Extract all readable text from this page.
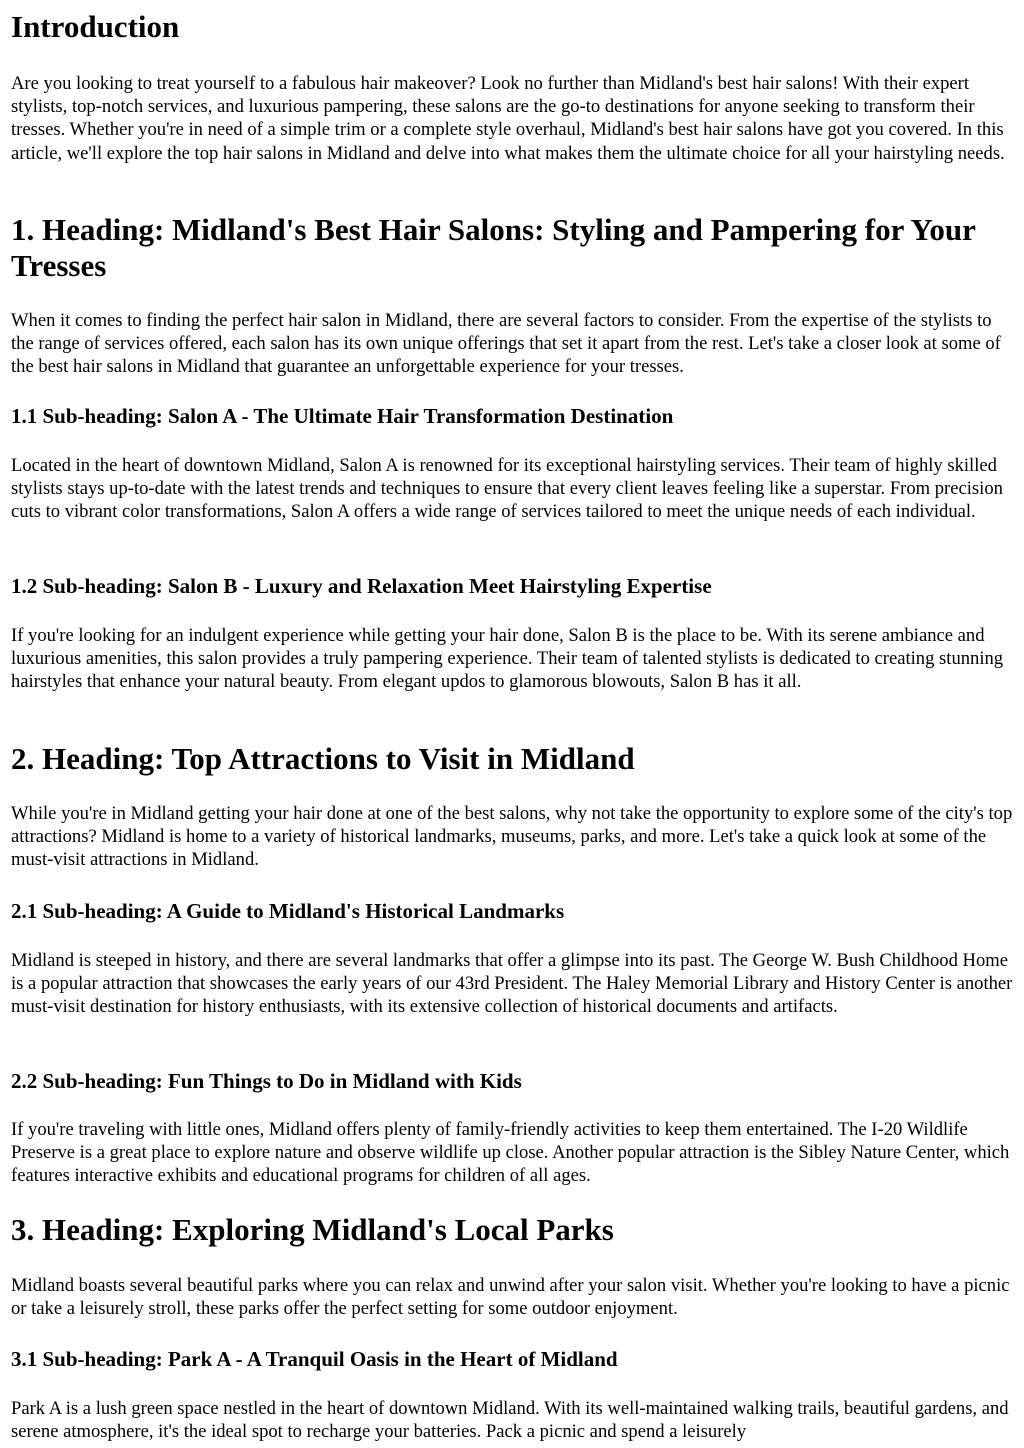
Introduction

Are you looking to treat yourself to a fabulous hair makeover? Look no further than Midland's best hair salons! With their expert stylists, top-notch services, and luxurious pampering, these salons are the go-to destinations for anyone seeking to transform their tresses. Whether you're in need of a simple trim or a complete style overhaul, Midland's best hair salons have got you covered. In this article, we'll explore the top hair salons in Midland and delve into what makes them the ultimate choice for all your hairstyling needs.

1. Heading: Midland's Best Hair Salons: Styling and Pampering for Your Tresses

When it comes to finding the perfect hair salon in Midland, there are several factors to consider. From the expertise of the stylists to the range of services offered, each salon has its own unique offerings that set it apart from the rest. Let's take a closer look at some of the best hair salons in Midland that guarantee an unforgettable experience for your tresses.

1.1 Sub-heading: Salon A - The Ultimate Hair Transformation Destination

Located in the heart of downtown Midland, Salon A is renowned for its exceptional hairstyling services. Their team of highly skilled stylists stays up-to-date with the latest trends and techniques to ensure that every client leaves feeling like a superstar. From precision cuts to vibrant color transformations, Salon A offers a wide range of services tailored to meet the unique needs of each individual.

1.2 Sub-heading: Salon B - Luxury and Relaxation Meet Hairstyling Expertise

If you're looking for an indulgent experience while getting your hair done, Salon B is the place to be. With its serene ambiance and luxurious amenities, this salon provides a truly pampering experience. Their team of talented stylists is dedicated to creating stunning hairstyles that enhance your natural beauty. From elegant updos to glamorous blowouts, Salon B has it all.

2. Heading: Top Attractions to Visit in Midland

While you're in Midland getting your hair done at one of the best salons, why not take the opportunity to explore some of the city's top attractions? Midland is home to a variety of historical landmarks, museums, parks, and more. Let's take a quick look at some of the must-visit attractions in Midland.

2.1 Sub-heading: A Guide to Midland's Historical Landmarks

Midland is steeped in history, and there are several landmarks that offer a glimpse into its past. The George W. Bush Childhood Home is a popular attraction that showcases the early years of our 43rd President. The Haley Memorial Library and History Center is another must-visit destination for history enthusiasts, with its extensive collection of historical documents and artifacts.

2.2 Sub-heading: Fun Things to Do in Midland with Kids

If you're traveling with little ones, Midland offers plenty of family-friendly activities to keep them entertained. The I-20 Wildlife Preserve is a great place to explore nature and observe wildlife up close. Another popular attraction is the Sibley Nature Center, which features interactive exhibits and educational programs for children of all ages.

3. Heading: Exploring Midland's Local Parks

Midland boasts several beautiful parks where you can relax and unwind after your salon visit. Whether you're looking to have a picnic or take a leisurely stroll, these parks offer the perfect setting for some outdoor enjoyment.

3.1 Sub-heading: Park A - A Tranquil Oasis in the Heart of Midland

Park A is a lush green space nestled in the heart of downtown Midland. With its well-maintained walking trails, beautiful gardens, and serene atmosphere, it's the ideal spot to recharge your batteries. Pack a picnic and spend a leisurely
